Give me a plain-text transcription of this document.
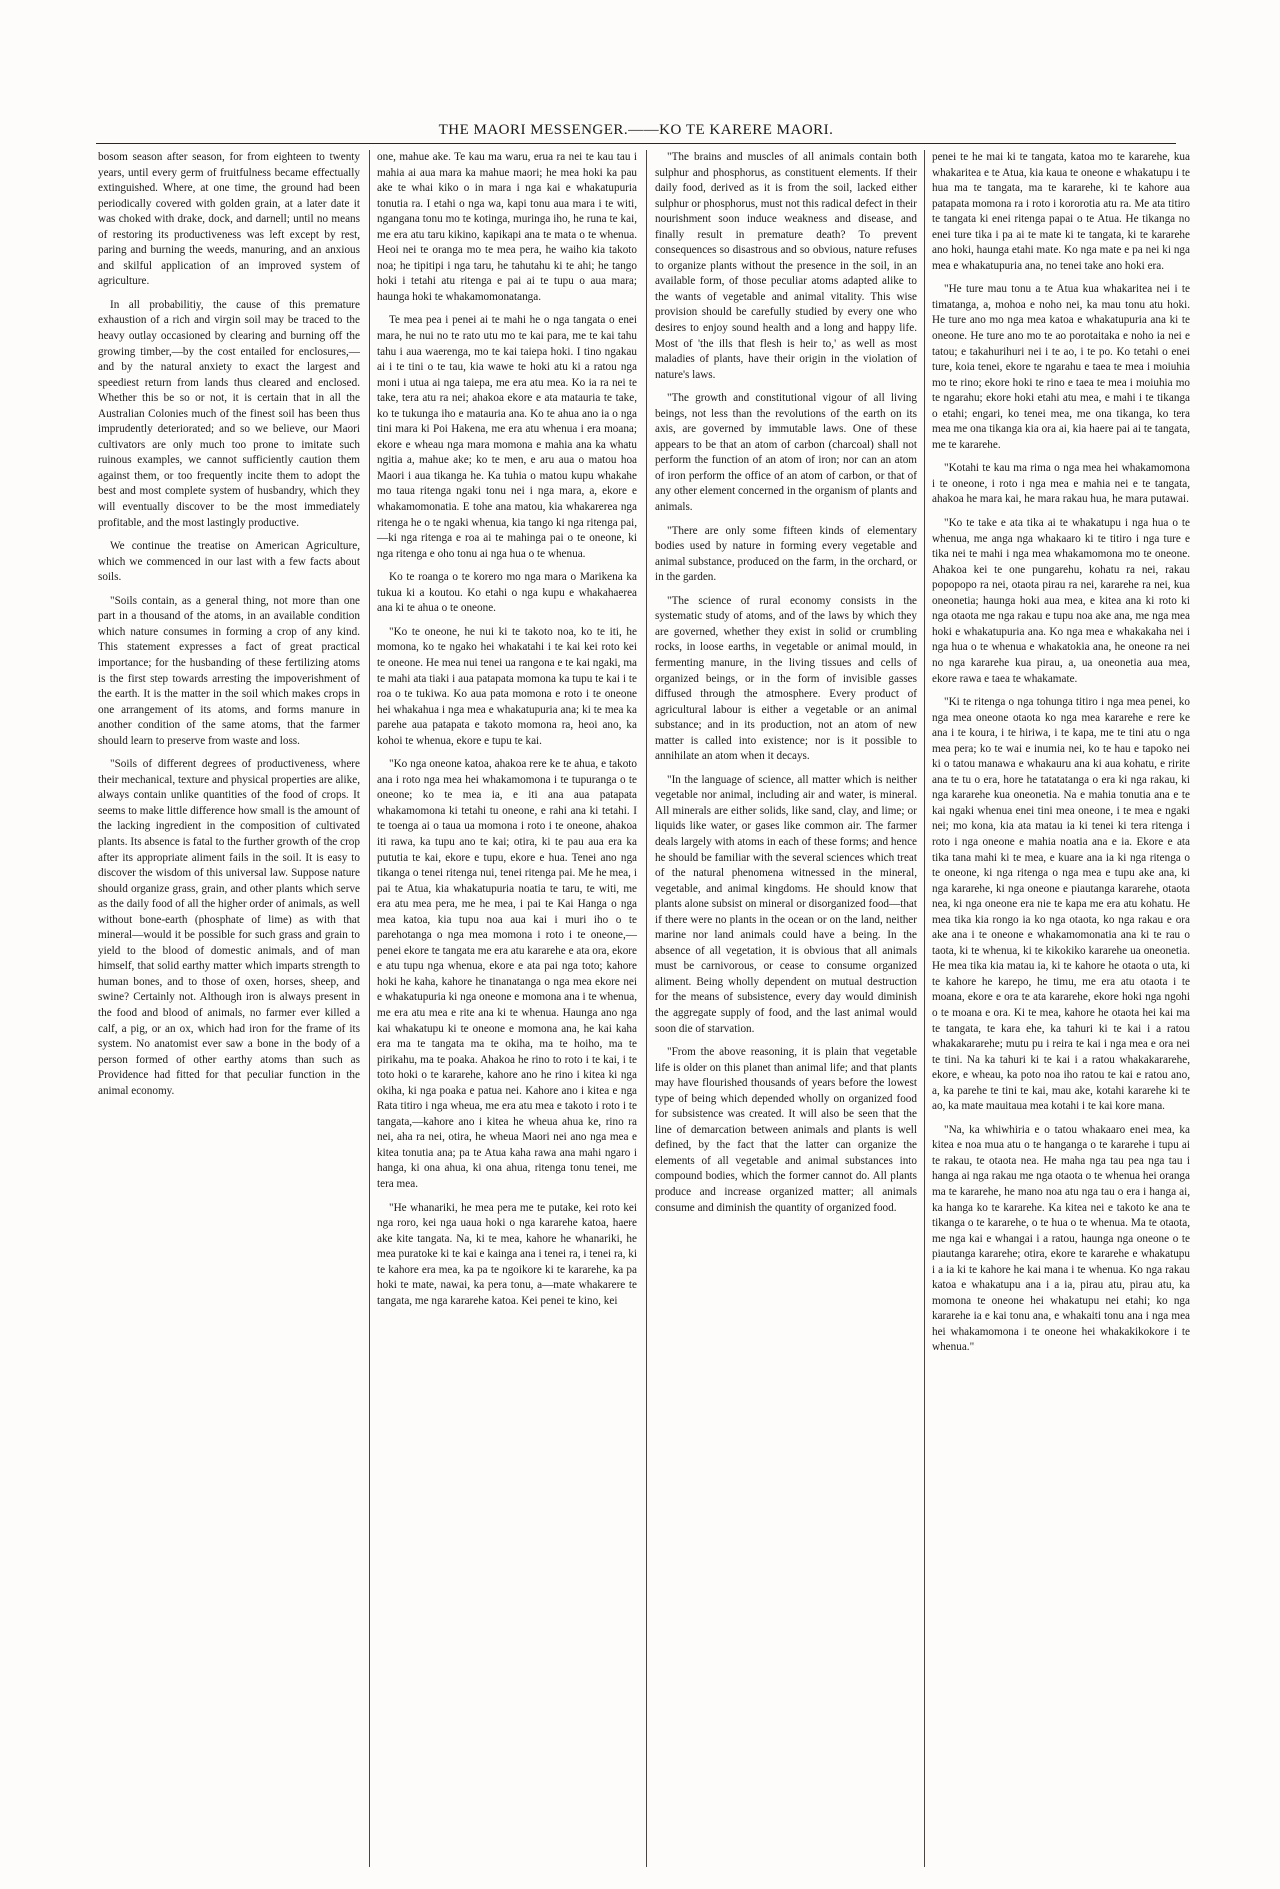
THE MAORI MESSENGER.——KO TE KARERE MAORI.

bosom season after season, for from eighteen to twenty years, until every germ of fruitfulness became effectually extinguished. Where, at one time, the ground had been periodically covered with golden grain, at a later date it was choked with drake, dock, and darnell; until no means of restoring its productiveness was left except by rest, paring and burning the weeds, manuring, and an anxious and skilful application of an improved system of agriculture.

In all probabilitiy, the cause of this premature exhaustion of a rich and virgin soil may be traced to the heavy outlay occasioned by clearing and burning off the growing timber,—by the cost entailed for enclosures,—and by the natural anxiety to exact the largest and speediest return from lands thus cleared and enclosed. Whether this be so or not, it is certain that in all the Australian Colonies much of the finest soil has been thus imprudently deteriorated; and so we believe, our Maori cultivators are only much too prone to imitate such ruinous examples, we cannot sufficiently caution them against them, or too frequently incite them to adopt the best and most complete system of husbandry, which they will eventually discover to be the most immediately profitable, and the most lastingly productive.

We continue the treatise on American Agriculture, which we commenced in our last with a few facts about soils.

"Soils contain, as a general thing, not more than one part in a thousand of the atoms, in an available condition which nature consumes in forming a crop of any kind. This statement expresses a fact of great practical importance; for the husbanding of these fertilizing atoms is the first step towards arresting the impoverishment of the earth. It is the matter in the soil which makes crops in one arrangement of its atoms, and forms manure in another condition of the same atoms, that the farmer should learn to preserve from waste and loss.

"Soils of different degrees of productiveness, where their mechanical, texture and physical properties are alike, always contain unlike quantities of the food of crops. It seems to make little difference how small is the amount of the lacking ingredient in the composition of cultivated plants. Its absence is fatal to the further growth of the crop after its appropriate aliment fails in the soil. It is easy to discover the wisdom of this universal law. Suppose nature should organize grass, grain, and other plants which serve as the daily food of all the higher order of animals, as well without bone-earth (phosphate of lime) as with that mineral—would it be possible for such grass and grain to yield to the blood of domestic animals, and of man himself, that solid earthy matter which imparts strength to human bones, and to those of oxen, horses, sheep, and swine? Certainly not. Although iron is always present in the food and blood of animals, no farmer ever killed a calf, a pig, or an ox, which had iron for the frame of its system. No anatomist ever saw a bone in the body of a person formed of other earthy atoms than such as Providence had fitted for that peculiar function in the animal economy.

one, mahue ake. Te kau ma waru, erua ra nei te kau tau i mahia ai aua mara ka mahue maori; he mea hoki ka pau ake te whai kiko o in mara i nga kai e whakatupuria tonutia ra. I etahi o nga wa, kapi tonu aua mara i te witi, ngangana tonu mo te kotinga, muringa iho, he runa te kai, me era atu taru kikino, kapikapi ana te mata o te whenua. Heoi nei te oranga mo te mea pera, he waiho kia takoto noa; he tipitipi i nga taru, he tahutahu ki te ahi; he tango hoki i tetahi atu ritenga e pai ai te tupu o aua mara; haunga hoki te whakamomonatanga.

Te mea pea i penei ai te mahi he o nga tangata o enei mara, he nui no te rato utu mo te kai para, me te kai tahu tahu i aua waerenga, mo te kai taiepa hoki. I tino ngakau ai i te tini o te tau, kia wawe te hoki atu ki a ratou nga moni i utua ai nga taiepa, me era atu mea. Ko ia ra nei te take, tera atu ra nei; ahakoa ekore e ata matauria te take, ko te tukunga iho e matauria ana. Ko te ahua ano ia o nga tini mara ki Poi Hakena, me era atu whenua i era moana; ekore e wheau nga mara momona e mahia ana ka whatu ngitia a, mahue ake; ko te men, e aru aua o matou hoa Maori i aua tikanga he. Ka tuhia o matou kupu whakahe mo taua ritenga ngaki tonu nei i nga mara, a, ekore e whakamomonatia. E tohe ana matou, kia whakarerea nga ritenga he o te ngaki whenua, kia tango ki nga ritenga pai,—ki nga ritenga e roa ai te mahinga pai o te oneone, ki nga ritenga e oho tonu ai nga hua o te whenua.

Ko te roanga o te korero mo nga mara o Marikena ka tukua ki a koutou. Ko etahi o nga kupu e whakahaerea ana ki te ahua o te oneone.

"Ko te oneone, he nui ki te takoto noa, ko te iti, he momona, ko te ngako hei whakatahi i te kai kei roto kei te oneone. He mea nui tenei ua rangona e te kai ngaki, ma te mahi ata tiaki i aua patapata momona ka tupu te kai i te roa o te tukiwa. Ko aua pata momona e roto i te oneone hei whakahua i nga mea e whakatupuria ana; ki te mea ka parehe aua patapata e takoto momona ra, heoi ano, ka kohoi te whenua, ekore e tupu te kai.

"Ko nga oneone katoa, ahakoa rere ke te ahua, e takoto ana i roto nga mea hei whakamomona i te tupuranga o te oneone; ko te mea ia, e iti ana aua patapata whakamomona ki tetahi tu oneone, e rahi ana ki tetahi. I te toenga ai o taua ua momona i roto i te oneone, ahakoa iti rawa, ka tupu ano te kai; otira, ki te pau aua era ka pututia te kai, ekore e tupu, ekore e hua. Tenei ano nga tikanga o tenei ritenga nui, tenei ritenga pai. Me he mea, i pai te Atua, kia whakatupuria noatia te taru, te witi, me era atu mea pera, me he mea, i pai te Kai Hanga o nga mea katoa, kia tupu noa aua kai i muri iho o te parehotanga o nga mea momona i roto i te oneone,—penei ekore te tangata me era atu kararehe e ata ora, ekore e atu tupu nga whenua, ekore e ata pai nga toto; kahore hoki he kaha, kahore he tinanatanga o nga mea ekore nei e whakatupuria ki nga oneone e momona ana i te whenua, me era atu mea e rite ana ki te whenua. Haunga ano nga kai whakatupu ki te oneone e momona ana, he kai kaha era ma te tangata ma te okiha, ma te hoiho, ma te pirikahu, ma te poaka. Ahakoa he rino to roto i te kai, i te toto hoki o te kararehe, kahore ano he rino i kitea ki nga okiha, ki nga poaka e patua nei. Kahore ano i kitea e nga Rata titiro i nga wheua, me era atu mea e takoto i roto i te tangata,—kahore ano i kitea he wheua ahua ke, rino ra nei, aha ra nei, otira, he wheua Maori nei ano nga mea e kitea tonutia ana; pa te Atua kaha rawa ana mahi ngaro i hanga, ki ona ahua, ki ona ahua, ritenga tonu tenei, me tera mea.

"He whanariki, he mea pera me te putake, kei roto kei nga roro, kei nga uaua hoki o nga kararehe katoa, haere ake kite tangata. Na, ki te mea, kahore he whanariki, he mea puratoke ki te kai e kainga ana i tenei ra, i tenei ra, ki te kahore era mea, ka pa te ngoikore ki te kararehe, ka pa hoki te mate, nawai, ka pera tonu, a—mate whakarere te tangata, me nga kararehe katoa. Kei penei te kino, kei

"The brains and muscles of all animals contain both sulphur and phosphorus, as constituent elements. If their daily food, derived as it is from the soil, lacked either sulphur or phosphorus, must not this radical defect in their nourishment soon induce weakness and disease, and finally result in premature death? To prevent consequences so disastrous and so obvious, nature refuses to organize plants without the presence in the soil, in an available form, of those peculiar atoms adapted alike to the wants of vegetable and animal vitality. This wise provision should be carefully studied by every one who desires to enjoy sound health and a long and happy life. Most of 'the ills that flesh is heir to,' as well as most maladies of plants, have their origin in the violation of nature's laws.

"The growth and constitutional vigour of all living beings, not less than the revolutions of the earth on its axis, are governed by immutable laws. One of these appears to be that an atom of carbon (charcoal) shall not perform the function of an atom of iron; nor can an atom of iron perform the office of an atom of carbon, or that of any other element concerned in the organism of plants and animals.

"There are only some fifteen kinds of elementary bodies used by nature in forming every vegetable and animal substance, produced on the farm, in the orchard, or in the garden.

"The science of rural economy consists in the systematic study of atoms, and of the laws by which they are governed, whether they exist in solid or crumbling rocks, in loose earths, in vegetable or animal mould, in fermenting manure, in the living tissues and cells of organized beings, or in the form of invisible gasses diffused through the atmosphere. Every product of agricultural labour is either a vegetable or an animal substance; and in its production, not an atom of new matter is called into existence; nor is it possible to annihilate an atom when it decays.

"In the language of science, all matter which is neither vegetable nor animal, including air and water, is mineral. All minerals are either solids, like sand, clay, and lime; or liquids like water, or gases like common air. The farmer deals largely with atoms in each of these forms; and hence he should be familiar with the several sciences which treat of the natural phenomena witnessed in the mineral, vegetable, and animal kingdoms. He should know that plants alone subsist on mineral or disorganized food—that if there were no plants in the ocean or on the land, neither marine nor land animals could have a being. In the absence of all vegetation, it is obvious that all animals must be carnivorous, or cease to consume organized aliment. Being wholly dependent on mutual destruction for the means of subsistence, every day would diminish the aggregate supply of food, and the last animal would soon die of starvation.

"From the above reasoning, it is plain that vegetable life is older on this planet than animal life; and that plants may have flourished thousands of years before the lowest type of being which depended wholly on organized food for subsistence was created. It will also be seen that the line of demarcation between animals and plants is well defined, by the fact that the latter can organize the elements of all vegetable and animal substances into compound bodies, which the former cannot do. All plants produce and increase organized matter; all animals consume and diminish the quantity of organized food.

penei te he mai ki te tangata, katoa mo te kararehe, kua whakaritea e te Atua, kia kaua te oneone e whakatupu i te hua ma te tangata, ma te kararehe, ki te kahore aua patapata momona ra i roto i kororotia atu ra. Me ata titiro te tangata ki enei ritenga papai o te Atua. He tikanga no enei ture tika i pa ai te mate ki te tangata, ki te kararehe ano hoki, haunga etahi mate. Ko nga mate e pa nei ki nga mea e whakatupuria ana, no tenei take ano hoki era.

"He ture mau tonu a te Atua kua whakaritea nei i te timatanga, a, mohoa e noho nei, ka mau tonu atu hoki. He ture ano mo nga mea katoa e whakatupuria ana ki te oneone. He ture ano mo te ao porotaitaka e noho ia nei e tatou; e takahurihuri nei i te ao, i te po. Ko tetahi o enei ture, koia tenei, ekore te ngarahu e taea te mea i moiuhia mo te rino; ekore hoki te rino e taea te mea i moiuhia mo te ngarahu; ekore hoki etahi atu mea, e mahi i te tikanga o etahi; engari, ko tenei mea, me ona tikanga, ko tera mea me ona tikanga kia ora ai, kia haere pai ai te tangata, me te kararehe.

"Kotahi te kau ma rima o nga mea hei whakamomona i te oneone, i roto i nga mea e mahia nei e te tangata, ahakoa he mara kai, he mara rakau hua, he mara putawai.

"Ko te take e ata tika ai te whakatupu i nga hua o te whenua, me anga nga whakaaro ki te titiro i nga ture e tika nei te mahi i nga mea whakamomona mo te oneone. Ahakoa kei te one pungarehu, kohatu ra nei, rakau popopopo ra nei, otaota pirau ra nei, kararehe ra nei, kua oneonetia; haunga hoki aua mea, e kitea ana ki roto ki nga otaota me nga rakau e tupu noa ake ana, me nga mea hoki e whakatupuria ana. Ko nga mea e whakakaha nei i nga hua o te whenua e whakatokia ana, he oneone ra nei no nga kararehe kua pirau, a, ua oneonetia aua mea, ekore rawa e taea te whakamate.

"Ki te ritenga o nga tohunga titiro i nga mea penei, ko nga mea oneone otaota ko nga mea kararehe e rere ke ana i te koura, i te hiriwa, i te kapa, me te tini atu o nga mea pera; ko te wai e inumia nei, ko te hau e tapoko nei ki o tatou manawa e whakauru ana ki aua kohatu, e ririte ana te tu o era, hore he tatatatanga o era ki nga rakau, ki nga kararehe kua oneonetia. Na e mahia tonutia ana e te kai ngaki whenua enei tini mea oneone, i te mea e ngaki nei; mo kona, kia ata matau ia ki tenei ki tera ritenga i roto i nga oneone e mahia noatia ana e ia. Ekore e ata tika tana mahi ki te mea, e kuare ana ia ki nga ritenga o te oneone, ki nga ritenga o nga mea e tupu ake ana, ki nga kararehe, ki nga oneone e piautanga kararehe, otaota nea, ki nga oneone era nie te kapa me era atu kohatu. He mea tika kia rongo ia ko nga otaota, ko nga rakau e ora ake ana i te oneone e whakamomonatia ana ki te rau o taota, ki te whenua, ki te kikokiko kararehe ua oneonetia. He mea tika kia matau ia, ki te kahore he otaota o uta, ki te kahore he karepo, he timu, me era atu otaota i te moana, ekore e ora te ata kararehe, ekore hoki nga ngohi o te moana e ora. Ki te mea, kahore he otaota hei kai ma te tangata, te kara ehe, ka tahuri ki te kai i a ratou whakakararehe; mutu pu i reira te kai i nga mea e ora nei te tini. Na ka tahuri ki te kai i a ratou whakakararehe, ekore, e wheau, ka poto noa iho ratou te kai e ratou ano, a, ka parehe te tini te kai, mau ake, kotahi kararehe ki te ao, ka mate mauitaua mea kotahi i te kai kore mana.

"Na, ka whiwhiria e o tatou whakaaro enei mea, ka kitea e noa mua atu o te hanganga o te kararehe i tupu ai te rakau, te otaota nea. He maha nga tau pea nga tau i hanga ai nga rakau me nga otaota o te whenua hei oranga ma te kararehe, he mano noa atu nga tau o era i hanga ai, ka hanga ko te kararehe. Ka kitea nei e takoto ke ana te tikanga o te kararehe, o te hua o te whenua. Ma te otaota, me nga kai e whangai i a ratou, haunga nga oneone o te piautanga kararehe; otira, ekore te kararehe e whakatupu i a ia ki te kahore he kai mana i te whenua. Ko nga rakau katoa e whakatupu ana i a ia, pirau atu, pirau atu, ka momona te oneone hei whakatupu nei etahi; ko nga kararehe ia e kai tonu ana, e whakaiti tonu ana i nga mea hei whakamomona i te oneone hei whakakikokore i te whenua."
